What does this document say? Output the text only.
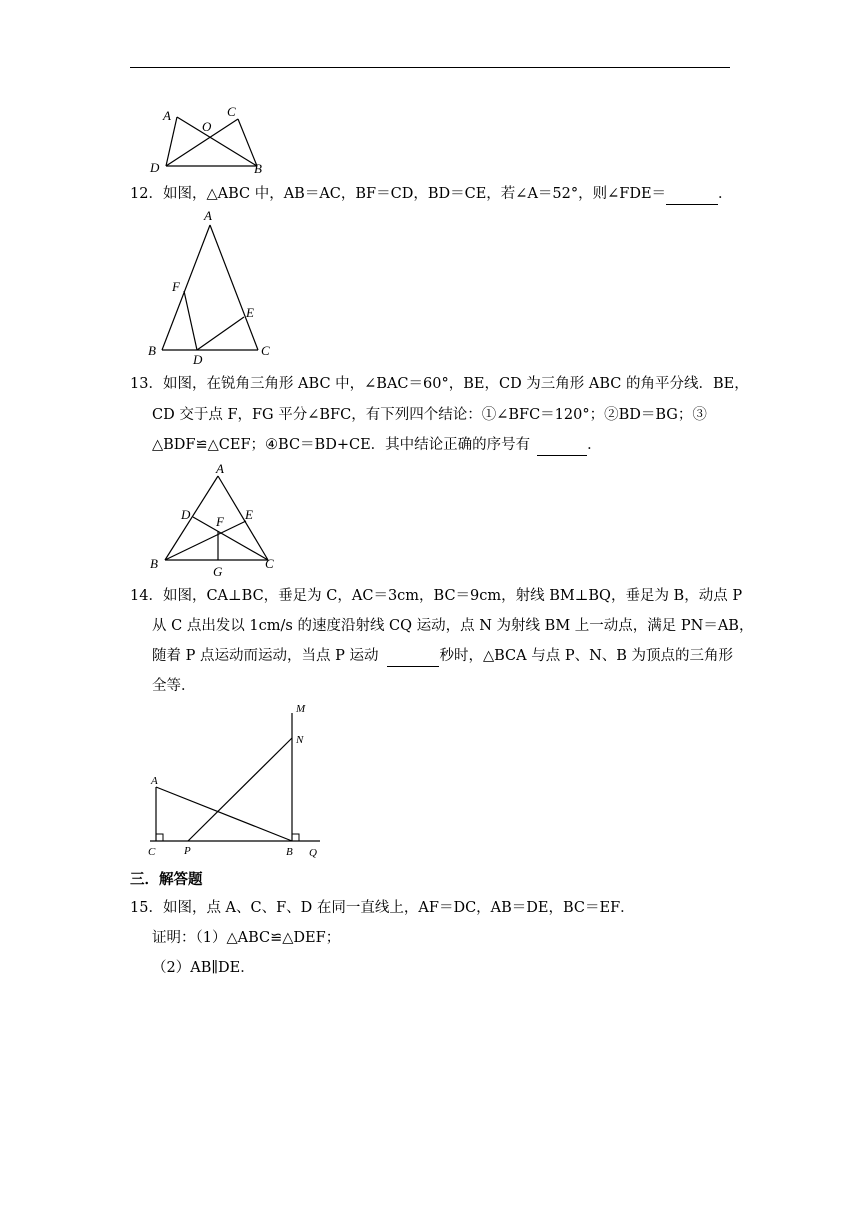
A	C
O
D	B
12．如图，△ABC 中，AB＝AC，BF＝CD，BD＝CE，若∠A＝52°，则∠FDE＝	．
A
F
E
B
D
C
13．如图，在锐角三角形 ABC 中，∠BAC＝60°，BE，CD 为三角形 ABC 的角平分线．BE，
CD 交于点 F，FG 平分∠BFC，有下列四个结论：①∠BFC＝120°；②BD＝BG；③
△BDF≌△CEF；④BC＝BD+CE．其中结论正确的序号有	．
A
D F E
B
G
C
14．如图，CA⊥BC，垂足为 C，AC＝3cm，BC＝9cm，射线 BM⊥BQ，垂足为 B，动点 P
从 C 点出发以 1cm/s 的速度沿射线 CQ 运动，点 N 为射线 BM 上一动点，满足 PN＝AB，
随着 P 点运动而运动，当点 P 运动	秒时，△BCA 与点 P、N、B 为顶点的三角形
全等．
M
N
A
C	P	B Q
三．解答题
15．如图，点 A、C、F、D 在同一直线上，AF＝DC，AB＝DE，BC＝EF．
证明：（1）△ABC≌△DEF；
（2）AB∥DE．
